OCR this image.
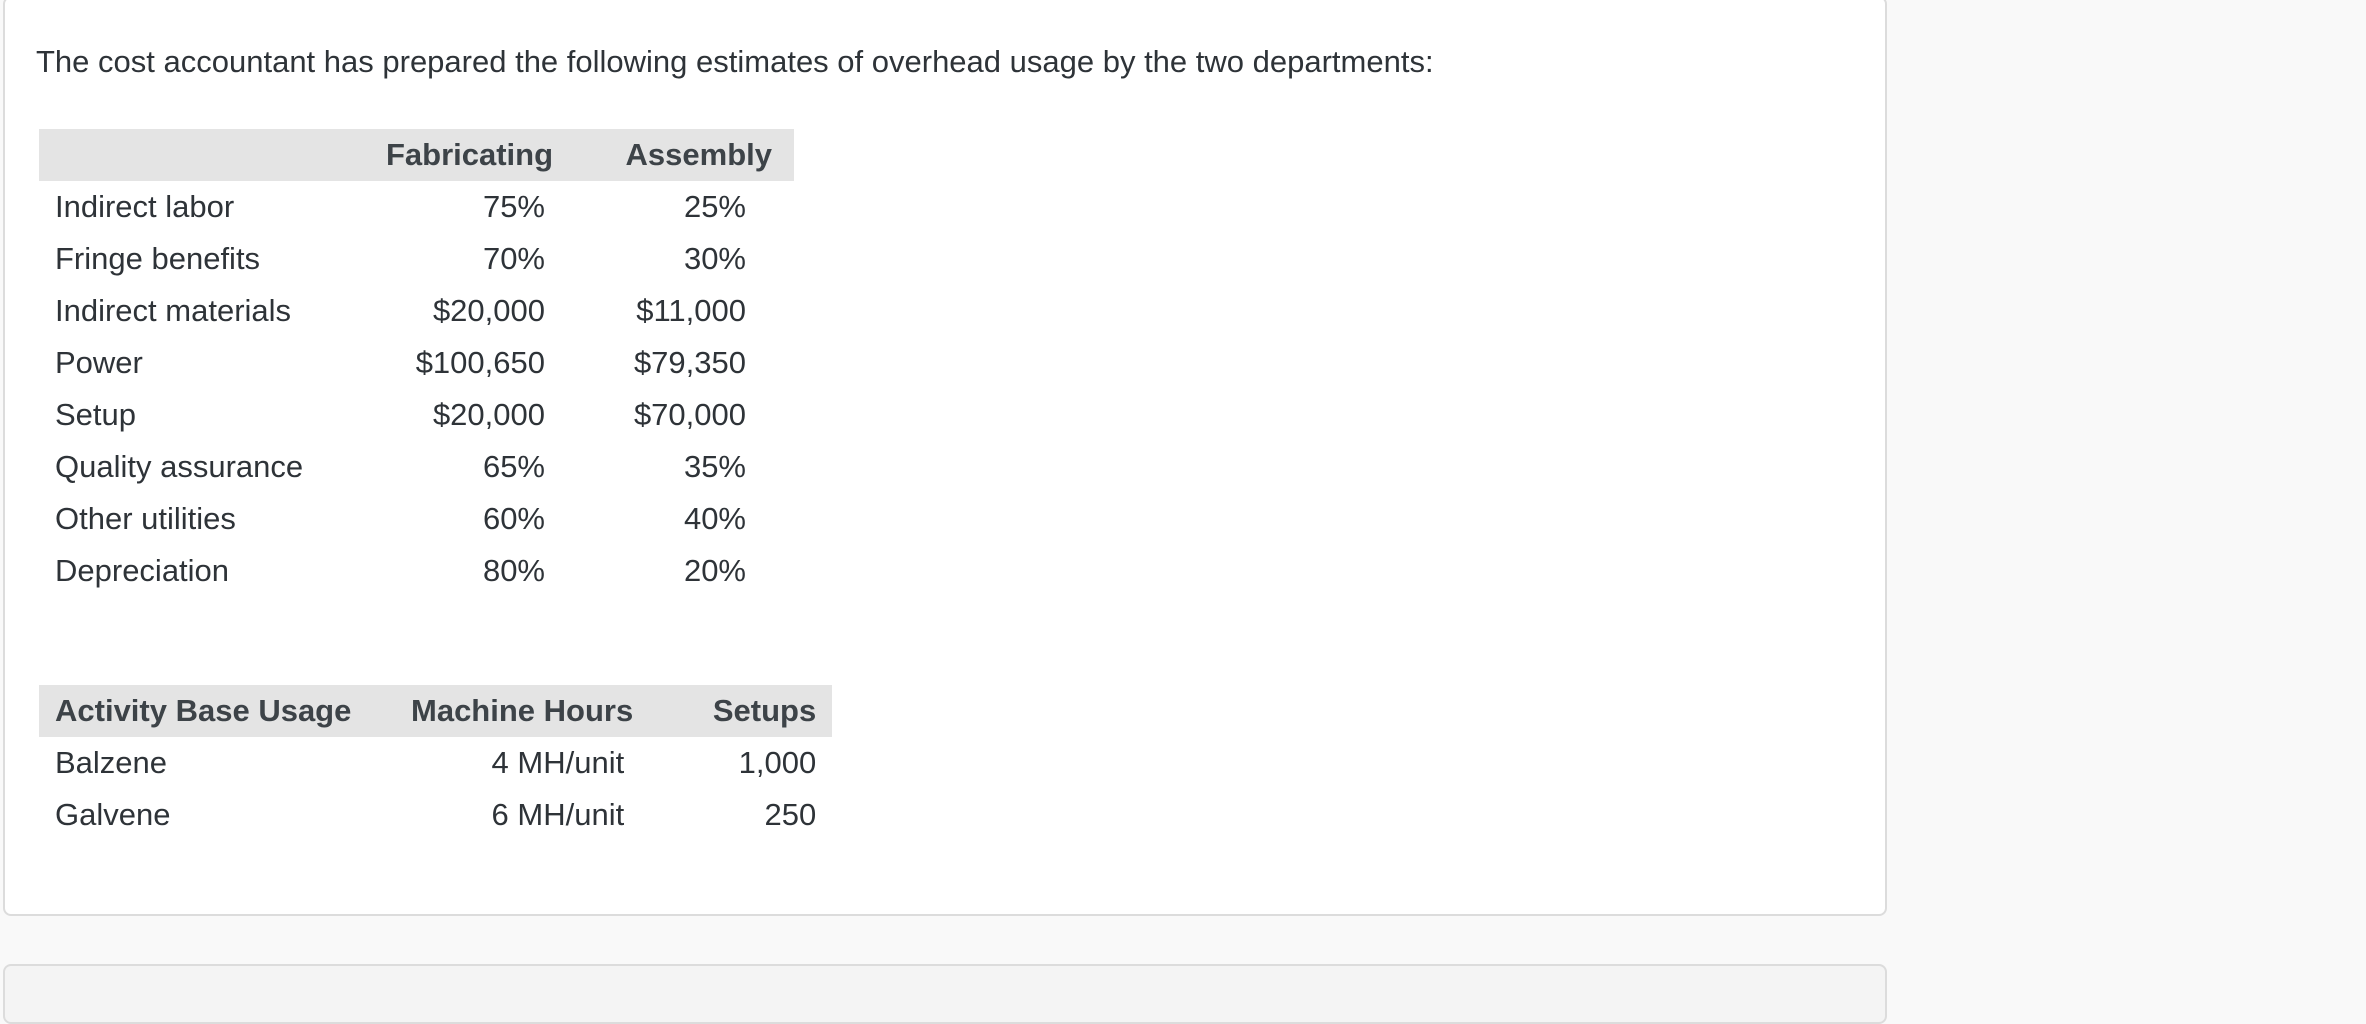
The cost accountant has prepared the following estimates of overhead usage by the two departments:
	Fabricating	Assembly
Indirect labor	75%	25%
Fringe benefits	70%	30%
Indirect materials	$20,000	$11,000
Power	$100,650	$79,350
Setup	$20,000	$70,000
Quality assurance	65%	35%
Other utilities	60%	40%
Depreciation	80%	20%
Activity Base Usage	Machine Hours	Setups
Balzene	4 MH/unit	1,000
Galvene	6 MH/unit	250
